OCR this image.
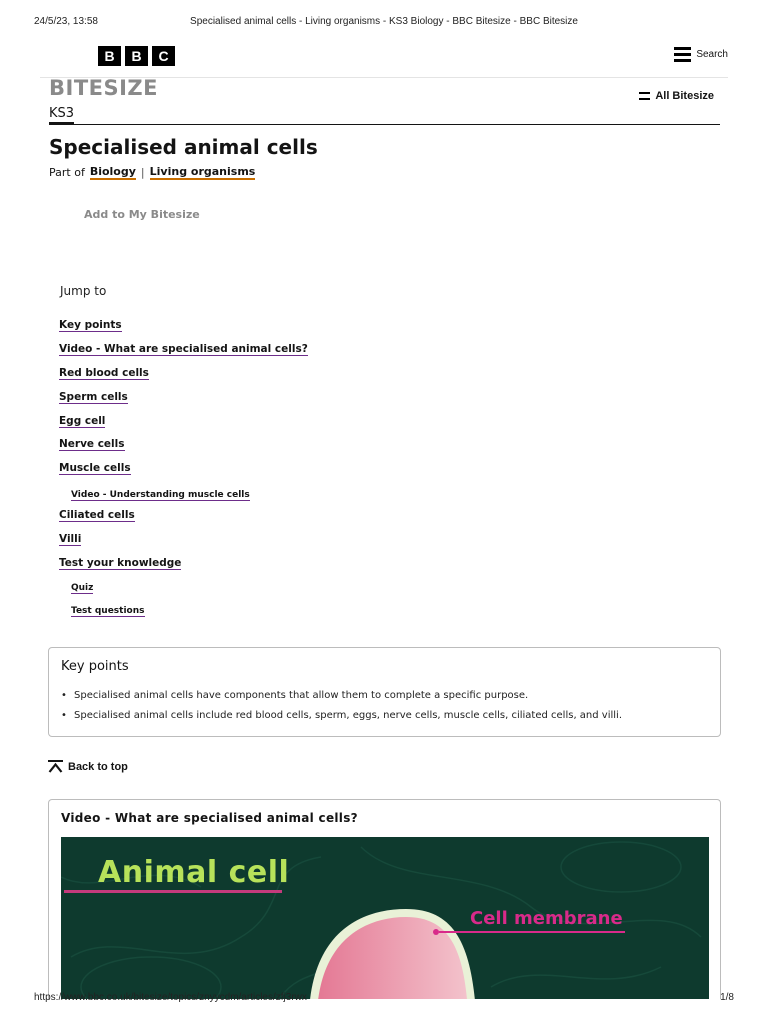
24/5/23, 13:58	Specialised animal cells - Living organisms - KS3 Biology - BBC Bitesize - BBC Bitesize
B	B	C	Search
BITESIZE
KS3
All Bitesize
Specialised animal cells
Part of Biology | Living organisms
Add to My Bitesize
Jump to
Key points
Video - What are specialised animal cells?
Red blood cells
Sperm cells
Egg cell
Nerve cells
Muscle cells
Video - Understanding muscle cells
Ciliated cells
Villi
Test your knowledge
Quiz
Test questions
Key points
• Specialised animal cells have components that allow them to complete a specific purpose.
• Specialised animal cells include red blood cells, sperm, eggs, nerve cells, muscle cells, ciliated cells, and villi.
Back to top
Video - What are specialised animal cells?
Animal cell
Cell membrane
https://www.bbc.co.uk/bitesize/topics/znyycdm/articles/zfj3rwx	1/8
